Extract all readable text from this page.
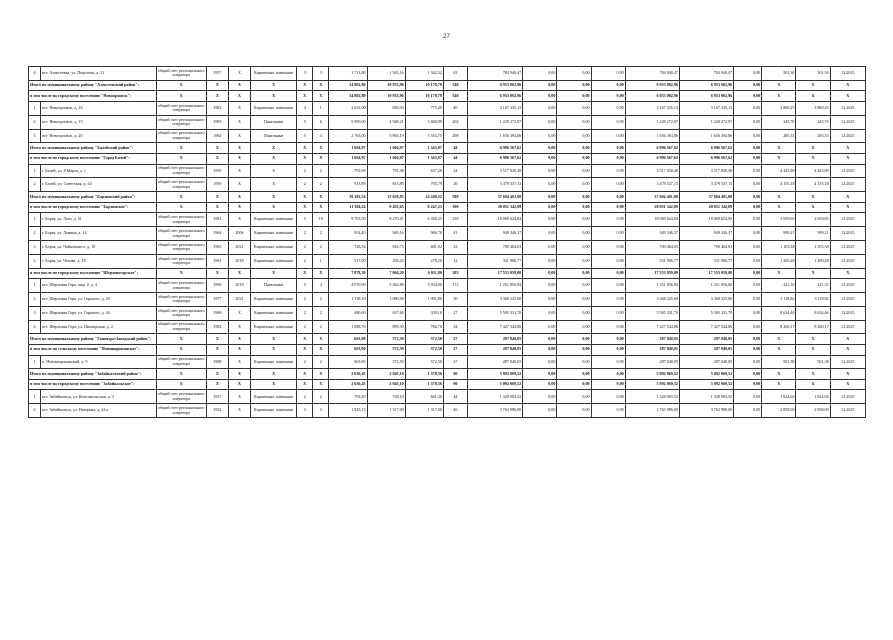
27
4	пгт. Алексеевка, ул. Пирогова, д. 31	общий счет регионального оператора	1957	Х	Кирпичные, каменные	3	3	1 713,80	1 565,16	1 342,52	62	784 940,47	0,00	0,00	0,00	784 940,47	784 940,47	0,00	501,30	501,30	12.2025
Итого по муниципальному району "Алексеевский район":		Х	Х	Х	Х	Х	Х	14 802,80	10 933,96	10 170,78	540	6 953 002,96	0,00	0,00	0,00	6 953 002,96	6 953 002,96	0,00	Х	Х	Х
в том числе по городскому поселению "Новоорловск":		Х	Х	Х	Х	Х	Х	14 802,80	10 933,96	10 170,78	540	6 953 002,96	0,00	0,00	0,00	6 953 002,96	6 953 002,96	0,00	Х	Х	Х
1	пгт. Новоорловск, д. 16	общий счет регионального оператора	1982	Х	Кирпичные, каменные	4	1	2 032,00	820,30	775,20	40	3 167 335,13	0,00	0,00	0,00	3 167 335,13	3 167 335,13	0,00	3 860,25	3 860,25	12.2025
2	пгт. Новоорловск, д. 15	общий счет регионального оператора	1983	Х	Панельные	5	6	5 990,00	4 948,21	3 840,99	202	1 229 272,97	0,00	0,00	0,00	1 229 272,97	1 229 272,97	0,00	245,70	245,70	12.2025
3	пгт. Новоорловск, д. 20	общий счет регионального оператора	1982	Х	Панельные	5	4	2 763,00	5 965,19	5 554,75	298	1 656 394,86	0,00	0,00	0,00	1 656 394,86	1 656 394,86	0,00	285,33	285,33	12.2025
Итого по муниципальному району "Балейский район":		Х	Х	Х	Х	Х	Х	1 604,97	1 604,97	1 343,07	44	6 996 567,62	0,00	0,00	0,00	6 996 567,62	6 996 567,62	0,00	Х	Х	Х
в том числе по городскому поселению "Город Балей":		Х	Х	Х	Х	Х	Х	1 604,97	1 604,97	1 343,07	44	6 996 567,62	0,00	0,00	0,00	6 996 567,62	6 996 567,62	0,00	Х	Х	Х
1	г. Балей, ул. 8 Марта, д. 1	общий счет регионального оператора	1959	Х	Х	2	2	791,08	791,08	637,28	24	3 517 030,48	0,00	0,00	0,00	3 517 030,48	3 517 030,48	0,00	4 445,89	4 445,89	12.2025
2	г. Балей, ул. Советская, д. 44	общий счет регионального оператора	1956	Х	Х	2	2	813,89	813,89	705,79	20	3 479 537,13	0,00	0,00	0,00	3 479 537,13	3 479 537,13	0,00	4 155,18	4 155,18	12.2025
Итого по муниципальному району "Борзинский район":		Х	Х	Х	Х	Х	Х	19 182,54	15 659,83	14 249,52	589	37 604 401,00	0,00	0,00	0,00	37 604 401,00	37 604 401,00	0,00	Х	Х	Х
в том числе по городскому поселению "Борзинское":		Х	Х	Х	Х	Х	Х	11 304,24	9 455,63	8 247,23	306	20 051 342,09	0,00	0,00	0,00	20 051 342,09	20 051 342,09	0,00	Х	Х	Х
1	г. Борзя, ул. Лазо, д. 51	общий счет регионального оператора	1981	Х	Кирпичные, каменные	5	10	9 703,50	8 270,61	6 450,25	239	18 069 624,84	0,00	0,00	0,00	18 069 624,84	18 069 624,84	0,00	2 659,65	2 659,65	12.2025
2	г. Борзя, ул. Ленина, д. 14	общий счет регионального оператора	1964	2006	Кирпичные, каменные	2	2	952,40	949,16	966,70	41	949 346,37	0,00	0,00	0,00	949 346,37	949 346,37	0,00	999,21	999,21	12.2025
3	г. Борзя, ул. Чайковского, д. 10	общий счет регионального оператора	1965	2021	Кирпичные, каменные	2	2	728,54	616,73	601,92	23	700 464,03	0,00	0,00	0,00	700 464,03	700 464,03	0,00	1 103,38	1 103,38	12.2025
4	г. Борзя, ул. Чехова, д. 18	общий счет регионального оператора	1961	2018	Кирпичные, каменные	2	1	317,00	256,24	278,20	12	331 906,77	0,00	0,00	0,00	331 906,77	331 906,77	0,00	1 200,28	1 200,28	12.2025
в том числе по городскому поселению "Шерловогорское":		Х	Х	Х	Х	Х	Х	7 878,30	7 064,20	6 011,80	283	17 553 059,00	0,00	0,00	0,00	17 553 059,00	17 553 059,00	0,00	Х	Х	Х
1	пгт. Шерловая Гора, мкр. 2, д. 4	общий счет регионального оператора	1990	2019	Панельные	5	4	4 970,90	5 362,80	3 934,00	172	1 251 856,84	0,00	0,00	0,00	1 251 856,84	1 251 856,84	0,00	241,35	241,35	12.2025
2	пгт. Шерловая Гора, ул. Горького, д. 29	общий счет регионального оператора	1977	2021	Кирпичные, каменные	2	2	1 138,10	1 080,00	1 091,80	50	3 368 325,60	0,00	0,00	0,00	3 368 325,60	3 368 325,60	0,00	3 118,82	3 118,82	12.2025
3	пгт. Шерловая Гора, ул. Горького, д. 26	общий счет регионального оператора	1968	Х	Кирпичные, каменные	2	2	680,60	637,60	339,10	27	5 505 331,70	0,00	0,00	0,00	5 505 331,70	5 505 331,70	0,00	8 634,46	8 634,46	12.2025
4	пгт. Шерловая Гора, ул. Пионерская, д. 2	общий счет регионального оператора	1982	Х	Кирпичные, каменные	2	2	1 088,70	899,30	766,70	34	7 427 544,86	0,00	0,00	0,00	7 427 544,86	7 427 544,86	0,00	8 260,17	8 260,17	12.2025
Итого по муниципальному району "Газимуро-Заводский район":		Х	Х	Х	Х	Х	Х	663,90	572,50	572,50	27	287 040,05	0,00	0,00	0,00	287 040,05	287 040,05	0,00	Х	Х	Х
в том числе по сельскому поселению "Новоширокинское":		Х	Х	Х	Х	Х	Х	663,90	572,50	572,50	27	287 040,05	0,00	0,00	0,00	287 040,05	287 040,05	0,00	Х	Х	Х
1	п. Новоширокинский, д. 9	общий счет регионального оператора	1988	Х	Кирпичные, каменные	2	2	663,90	572,50	572,50	27	287 040,05	0,00	0,00	0,00	287 040,05	287 040,05	0,00	501,38	501,38	12.2025
Итого по муниципальному району "Забайкальский район":		Х	Х	Х	Х	Х	Х	2 636,45	2 045,10	1 578,36	90	5 092 069,52	0,00	0,00	0,00	5 092 069,52	5 092 069,52	0,00	Х	Х	Х
в том числе по городскому поселению "Забайкальское":		Х	Х	Х	Х	Х	Х	2 636,45	2 045,10	1 578,36	90	5 092 069,52	0,00	0,00	0,00	5 092 069,52	5 092 069,52	0,00	Х	Х	Х
1	пгт. Забайкальск, ул. Комсомольская, д. 3	общий счет регионального оператора	1937	Х	Кирпичные, каменные	2	2	793,30	728,10	661,30	44	1 328 083,52	0,00	0,00	0,00	1 328 083,52	1 328 083,52	0,00	1 824,04	1 824,04	12.2025
2	пгт. Забайкальск, ул. Нагорная, д. 24 а	общий счет регионального оператора	1952	Х	Кирпичные, каменные	3	3	1 843,15	1 317,00	1 317,00	46	3 763 986,00	0,00	0,00	0,00	3 763 986,00	3 763 986,00	0,00	2 858,00	2 858,00	12.2025
